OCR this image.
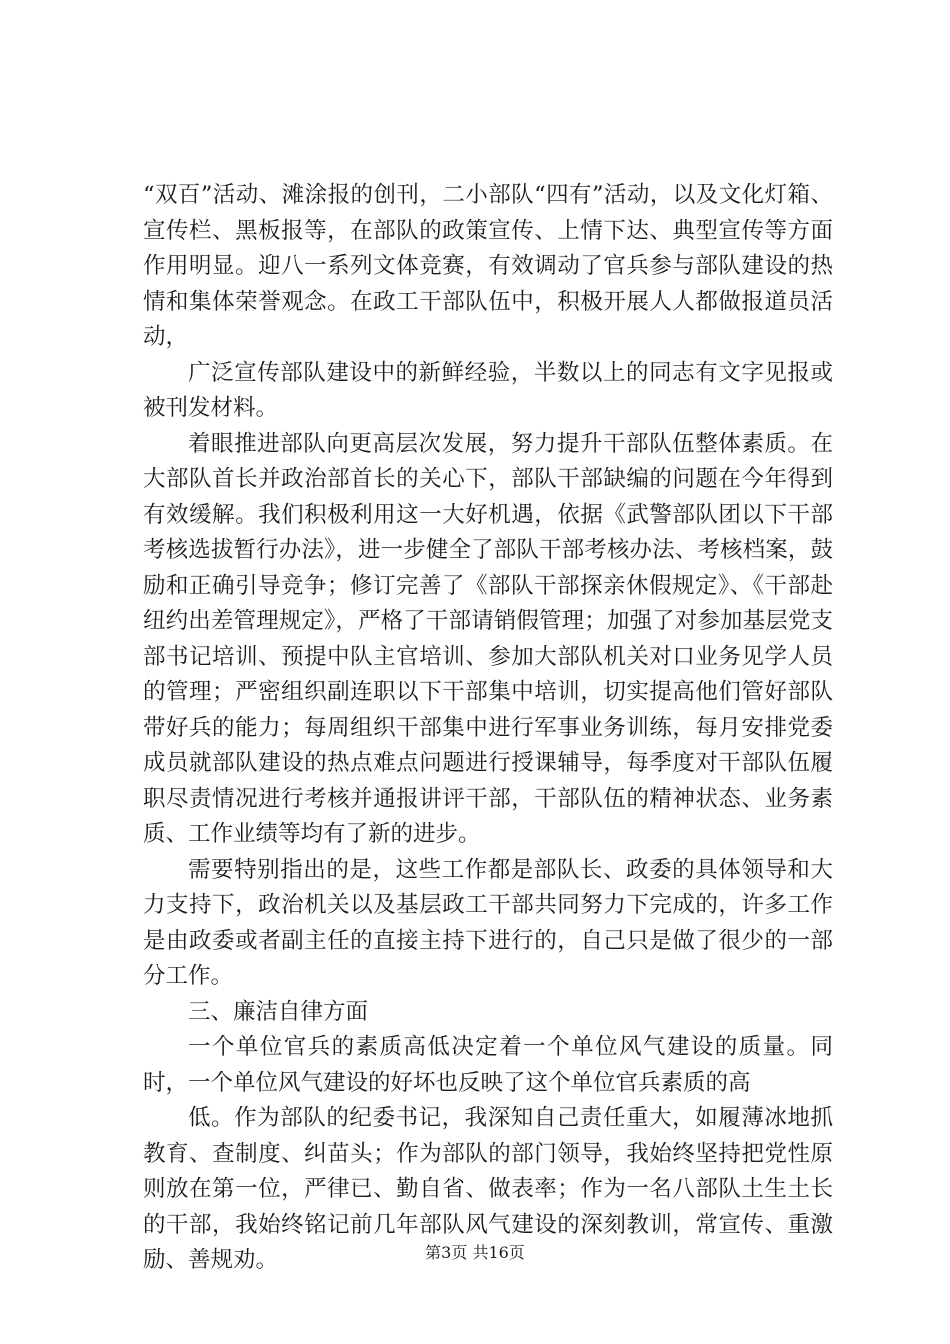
“双百”活动、滩涂报的创刊，二小部队“四有”活动，以及文化灯箱、宣传栏、黑板报等，在部队的政策宣传、上情下达、典型宣传等方面作用明显。迎八一系列文体竞赛，有效调动了官兵参与部队建设的热情和集体荣誉观念。在政工干部队伍中，积极开展人人都做报道员活动，

广泛宣传部队建设中的新鲜经验，半数以上的同志有文字见报或被刊发材料。

着眼推进部队向更高层次发展，努力提升干部队伍整体素质。在大部队首长并政治部首长的关心下，部队干部缺编的问题在今年得到有效缓解。我们积极利用这一大好机遇，依据《武警部队团以下干部考核选拔暂行办法》，进一步健全了部队干部考核办法、考核档案，鼓励和正确引导竞争；修订完善了《部队干部探亲休假规定》、《干部赴纽约出差管理规定》，严格了干部请销假管理；加强了对参加基层党支部书记培训、预提中队主官培训、参加大部队机关对口业务见学人员的管理；严密组织副连职以下干部集中培训，切实提高他们管好部队带好兵的能力；每周组织干部集中进行军事业务训练，每月安排党委成员就部队建设的热点难点问题进行授课辅导，每季度对干部队伍履职尽责情况进行考核并通报讲评干部，干部队伍的精神状态、业务素质、工作业绩等均有了新的进步。

需要特别指出的是，这些工作都是部队长、政委的具体领导和大力支持下，政治机关以及基层政工干部共同努力下完成的，许多工作是由政委或者副主任的直接主持下进行的，自己只是做了很少的一部分工作。

三、廉洁自律方面

一个单位官兵的素质高低决定着一个单位风气建设的质量。同时，一个单位风气建设的好坏也反映了这个单位官兵素质的高

低。作为部队的纪委书记，我深知自己责任重大，如履薄冰地抓教育、查制度、纠苗头；作为部队的部门领导，我始终坚持把党性原则放在第一位，严律已、勤自省、做表率；作为一名八部队土生土长的干部，我始终铭记前几年部队风气建设的深刻教训，常宣传、重激励、善规劝。	第3页 共16页
